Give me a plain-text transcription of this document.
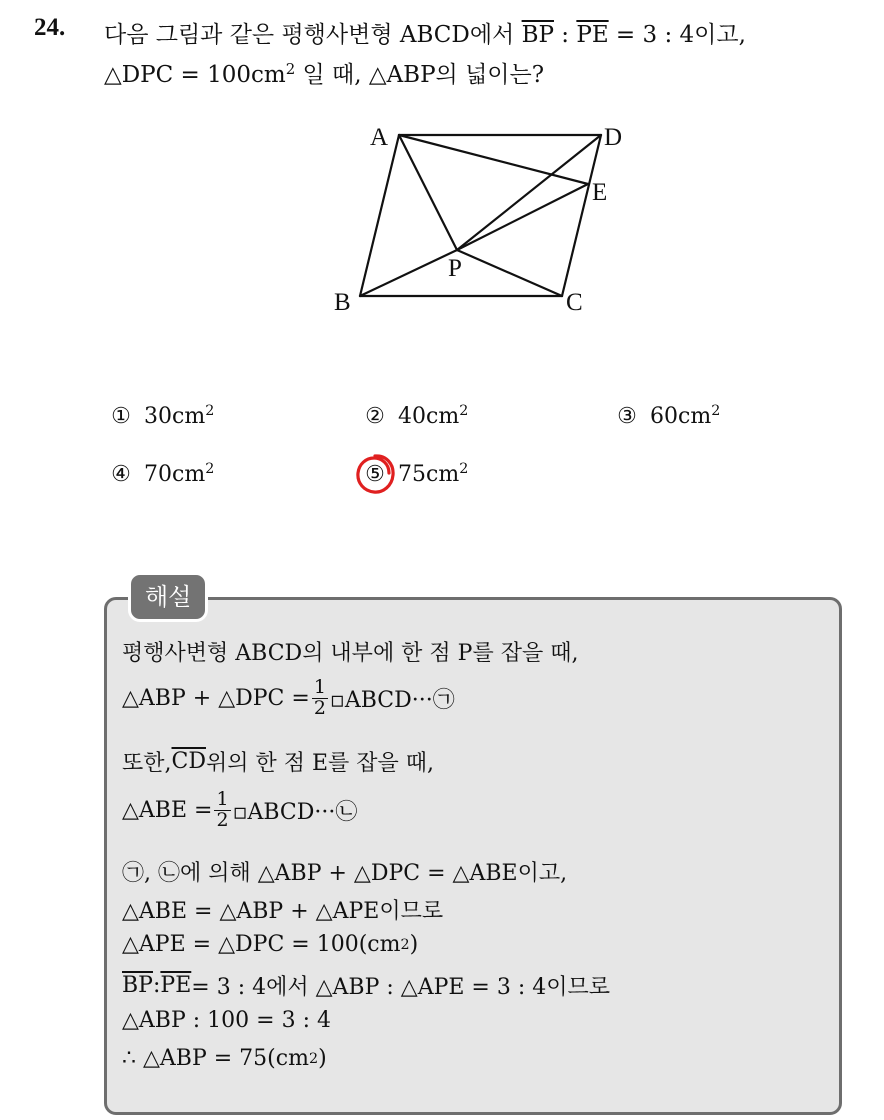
24. 다음 그림과 같은 평행사변형 ABCD에서 $\overline{BP}$ : $\overline{PE} = 3$ : 4이고,
△DPC = $100cm^2$ 일 때, △ABP의 넓이는?
A	D
E
P
B	C
① $30cm^2$	② $40cm^2$	③ $60cm^2$
④ $70cm^2$	⑤ $75cm^2$
해설
평행사변형 ABCD의 내부에 한 점 P를 잡을 때,
△ABP + △DPC = $\frac{1}{2}$ ▫ABCD···㉠
또한, $\overline{CD}$ 위의 한 점 E를 잡을 때,
△ABE = $\frac{1}{2}$ ▫ABCD···㉡
㉠, ㉡에 의해 △ABP + △DPC = △ABE이고,
△ABE = △ABP + △APE이므로
△APE = △DPC = 100(cm 2 )
$\overline{BP}$ : $\overline{PE} = 3$ : 4에서 △ABP : △APE = 3 : 4이므로
△ABP : 100 = 3 : 4
∴ △ABP = 75(cm 2 )
